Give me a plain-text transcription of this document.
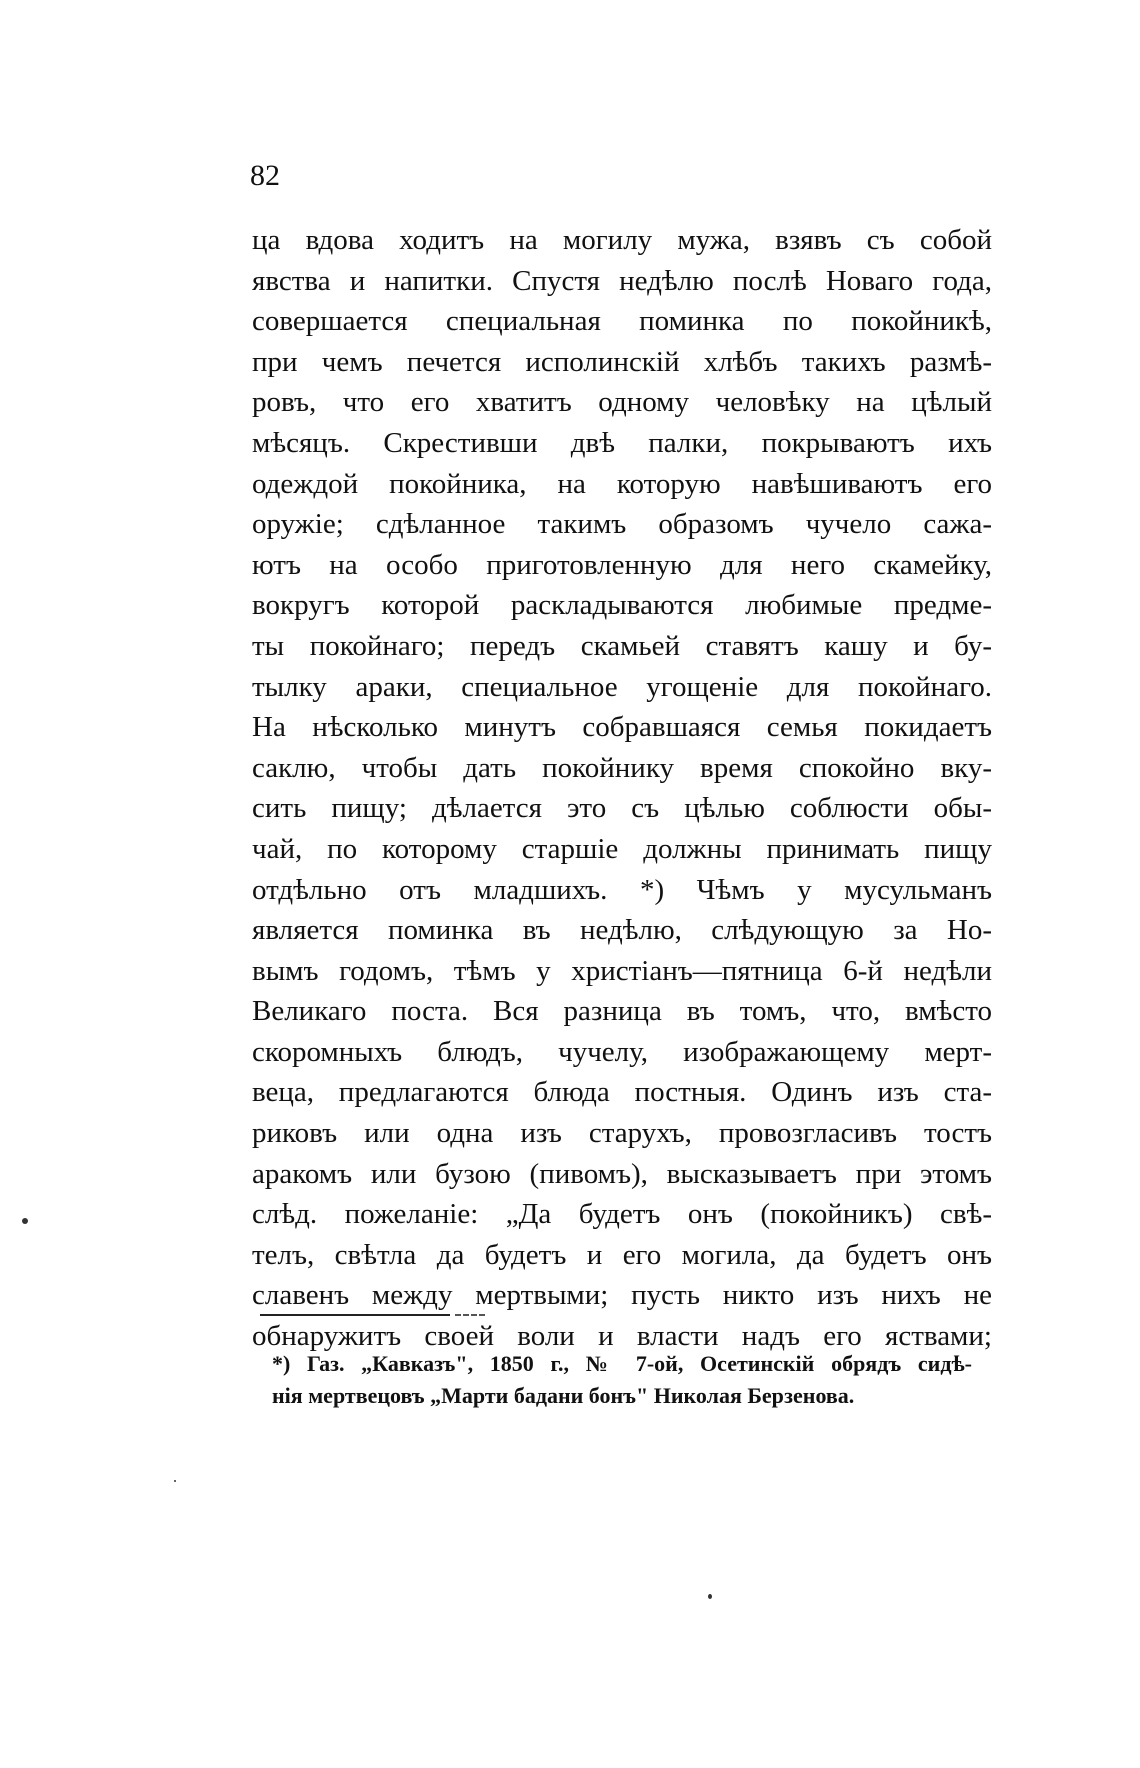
82
ца вдова ходитъ на могилу мужа, взявъ съ собой
явства и напитки. Спустя недѣлю послѣ Новаго года,
совершается специальная поминка по покойникѣ,
при чемъ печется исполинскій хлѣбъ такихъ размѣ-
ровъ, что его хватитъ одному человѣку на цѣлый
мѣсяцъ. Скрестивши двѣ палки, покрываютъ ихъ
одеждой покойника, на которую навѣшиваютъ его
оружіе; сдѣланное такимъ образомъ чучело сажа-
ютъ на особо приготовленную для него скамейку,
вокругъ которой раскладываются любимые предме-
ты покойнаго; передъ скамьей ставятъ кашу и бу-
тылку араки, специальное угощеніе для покойнаго.
На нѣсколько минутъ собравшаяся семья покидаетъ
саклю, чтобы дать покойнику время спокойно вку-
сить пищу; дѣлается это съ цѣлью соблюсти обы-
чай, по которому старшіе должны принимать пищу
отдѣльно отъ младшихъ. *) Чѣмъ у мусульманъ
является поминка въ недѣлю, слѣдующую за Но-
вымъ годомъ, тѣмъ у христіанъ—пятница 6-й недѣли
Великаго поста. Вся разница въ томъ, что, вмѣсто
скоромныхъ блюдъ, чучелу, изображающему мерт-
веца, предлагаются блюда постныя. Одинъ изъ ста-
риковъ или одна изъ старухъ, провозгласивъ тостъ
аракомъ или бузою (пивомъ), высказываетъ при этомъ
слѣд. пожеланіе: „Да будетъ онъ (покойникъ) свѣ-
телъ, свѣтла да будетъ и его могила, да будетъ онъ
славенъ между мертвыми; пусть никто изъ нихъ не
обнаружитъ своей воли и власти надъ его яствами;
*) Газ. „Кавказъ", 1850 г., № 7-ой, Осетинскій обрядъ сидѣ-
нія мертвецовъ „Марти бадани бонъ" Николая Берзенова.
